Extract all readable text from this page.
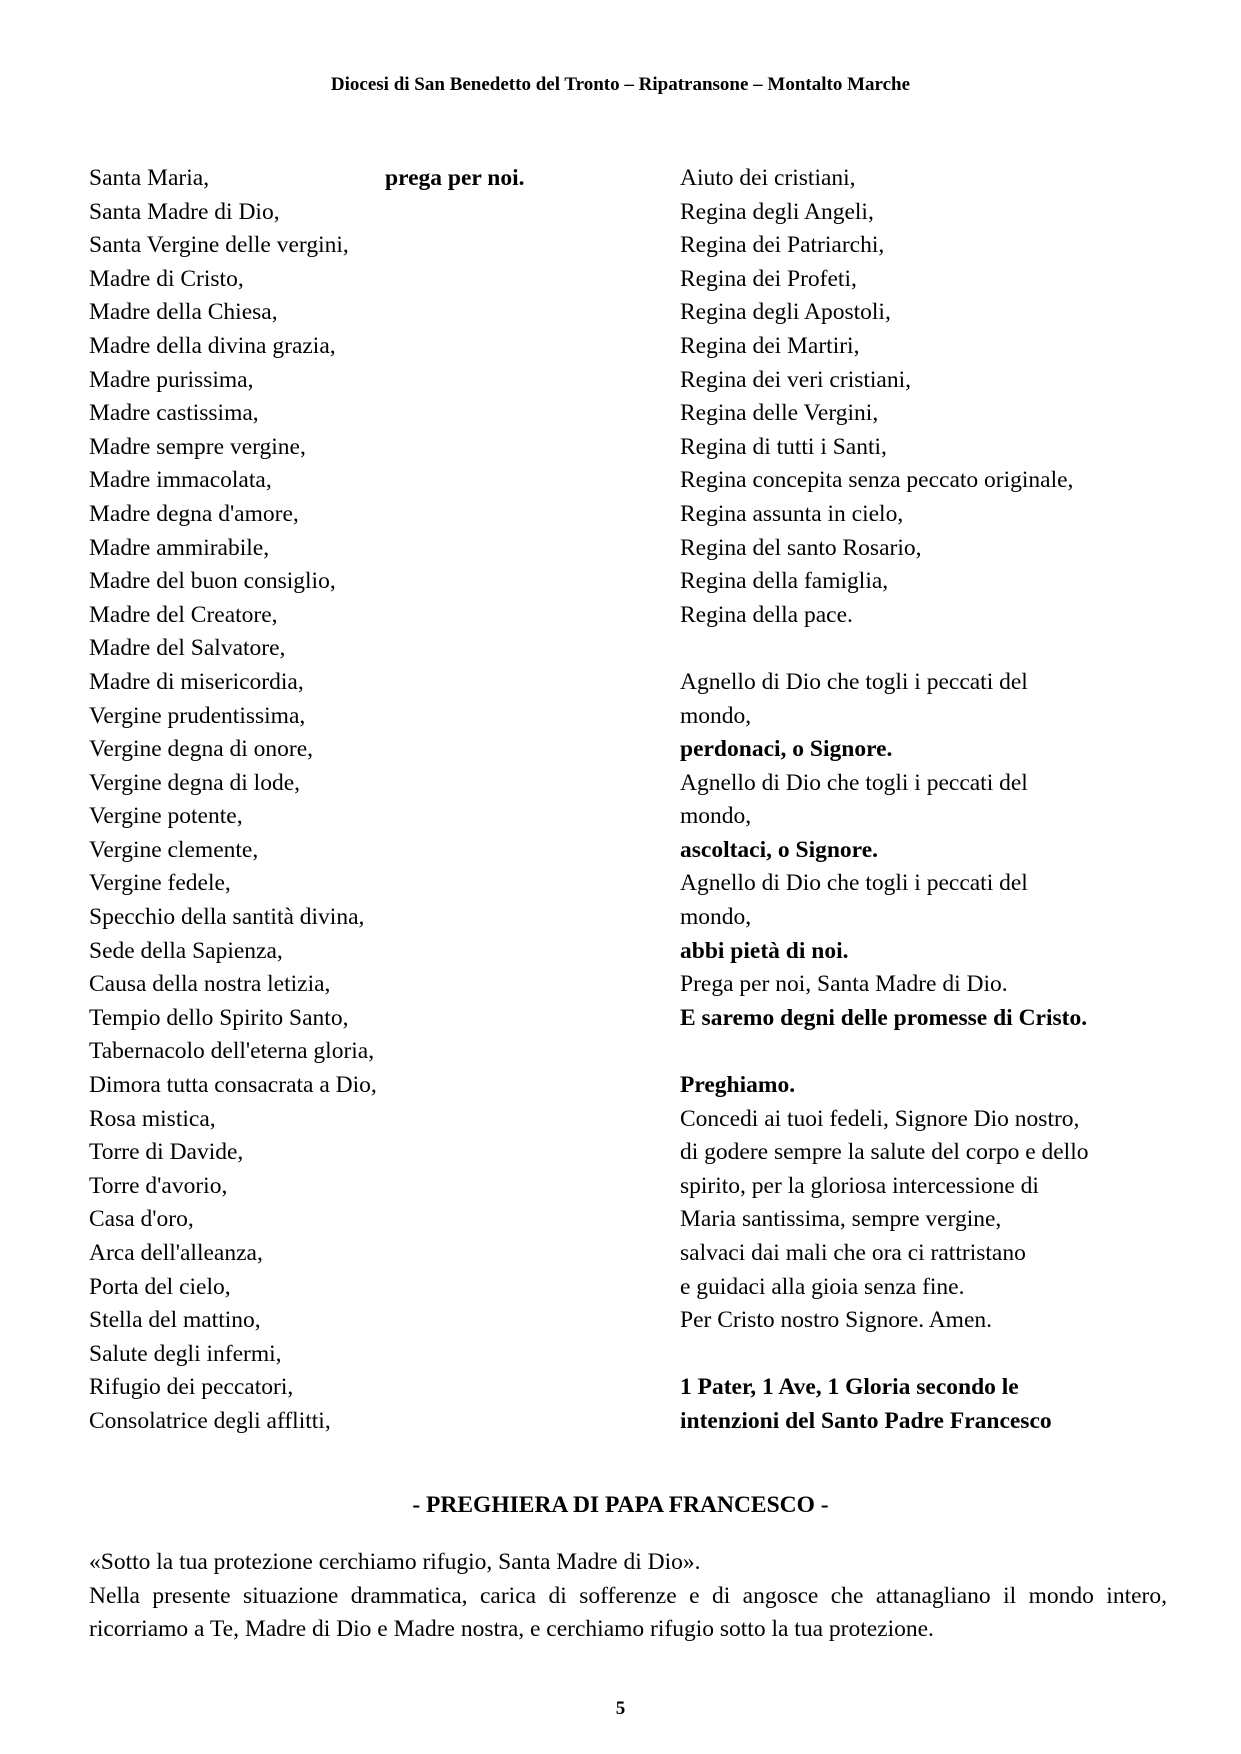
Diocesi di San Benedetto del Tronto – Ripatransone – Montalto Marche
Santa Maria,	prega per noi.
Santa Madre di Dio,
Santa Vergine delle vergini,
Madre di Cristo,
Madre della Chiesa,
Madre della divina grazia,
Madre purissima,
Madre castissima,
Madre sempre vergine,
Madre immacolata,
Madre degna d'amore,
Madre ammirabile,
Madre del buon consiglio,
Madre del Creatore,
Madre del Salvatore,
Madre di misericordia,
Vergine prudentissima,
Vergine degna di onore,
Vergine degna di lode,
Vergine potente,
Vergine clemente,
Vergine fedele,
Specchio della santità divina,
Sede della Sapienza,
Causa della nostra letizia,
Tempio dello Spirito Santo,
Tabernacolo dell'eterna gloria,
Dimora tutta consacrata a Dio,
Rosa mistica,
Torre di Davide,
Torre d'avorio,
Casa d'oro,
Arca dell'alleanza,
Porta del cielo,
Stella del mattino,
Salute degli infermi,
Rifugio dei peccatori,
Consolatrice degli afflitti,
Aiuto dei cristiani,
Regina degli Angeli,
Regina dei Patriarchi,
Regina dei Profeti,
Regina degli Apostoli,
Regina dei Martiri,
Regina dei veri cristiani,
Regina delle Vergini,
Regina di tutti i Santi,
Regina concepita senza peccato originale,
Regina assunta in cielo,
Regina del santo Rosario,
Regina della famiglia,
Regina della pace.
Agnello di Dio che togli i peccati del
mondo,
perdonaci, o Signore.
Agnello di Dio che togli i peccati del
mondo,
ascoltaci, o Signore.
Agnello di Dio che togli i peccati del
mondo,
abbi pietà di noi.
Prega per noi, Santa Madre di Dio.
E saremo degni delle promesse di Cristo.
Preghiamo.
Concedi ai tuoi fedeli, Signore Dio nostro,
di godere sempre la salute del corpo e dello
spirito, per la gloriosa intercessione di
Maria santissima, sempre vergine,
salvaci dai mali che ora ci rattristano
e guidaci alla gioia senza fine.
Per Cristo nostro Signore. Amen.
1 Pater, 1 Ave, 1 Gloria secondo le
intenzioni del Santo Padre Francesco
- PREGHIERA DI PAPA FRANCESCO -

«Sotto la tua protezione cerchiamo rifugio, Santa Madre di Dio».

Nella presente situazione drammatica, carica di sofferenze e di angosce che attanagliano il mondo intero, ricorriamo a Te, Madre di Dio e Madre nostra, e cerchiamo rifugio sotto la tua protezione.

5
